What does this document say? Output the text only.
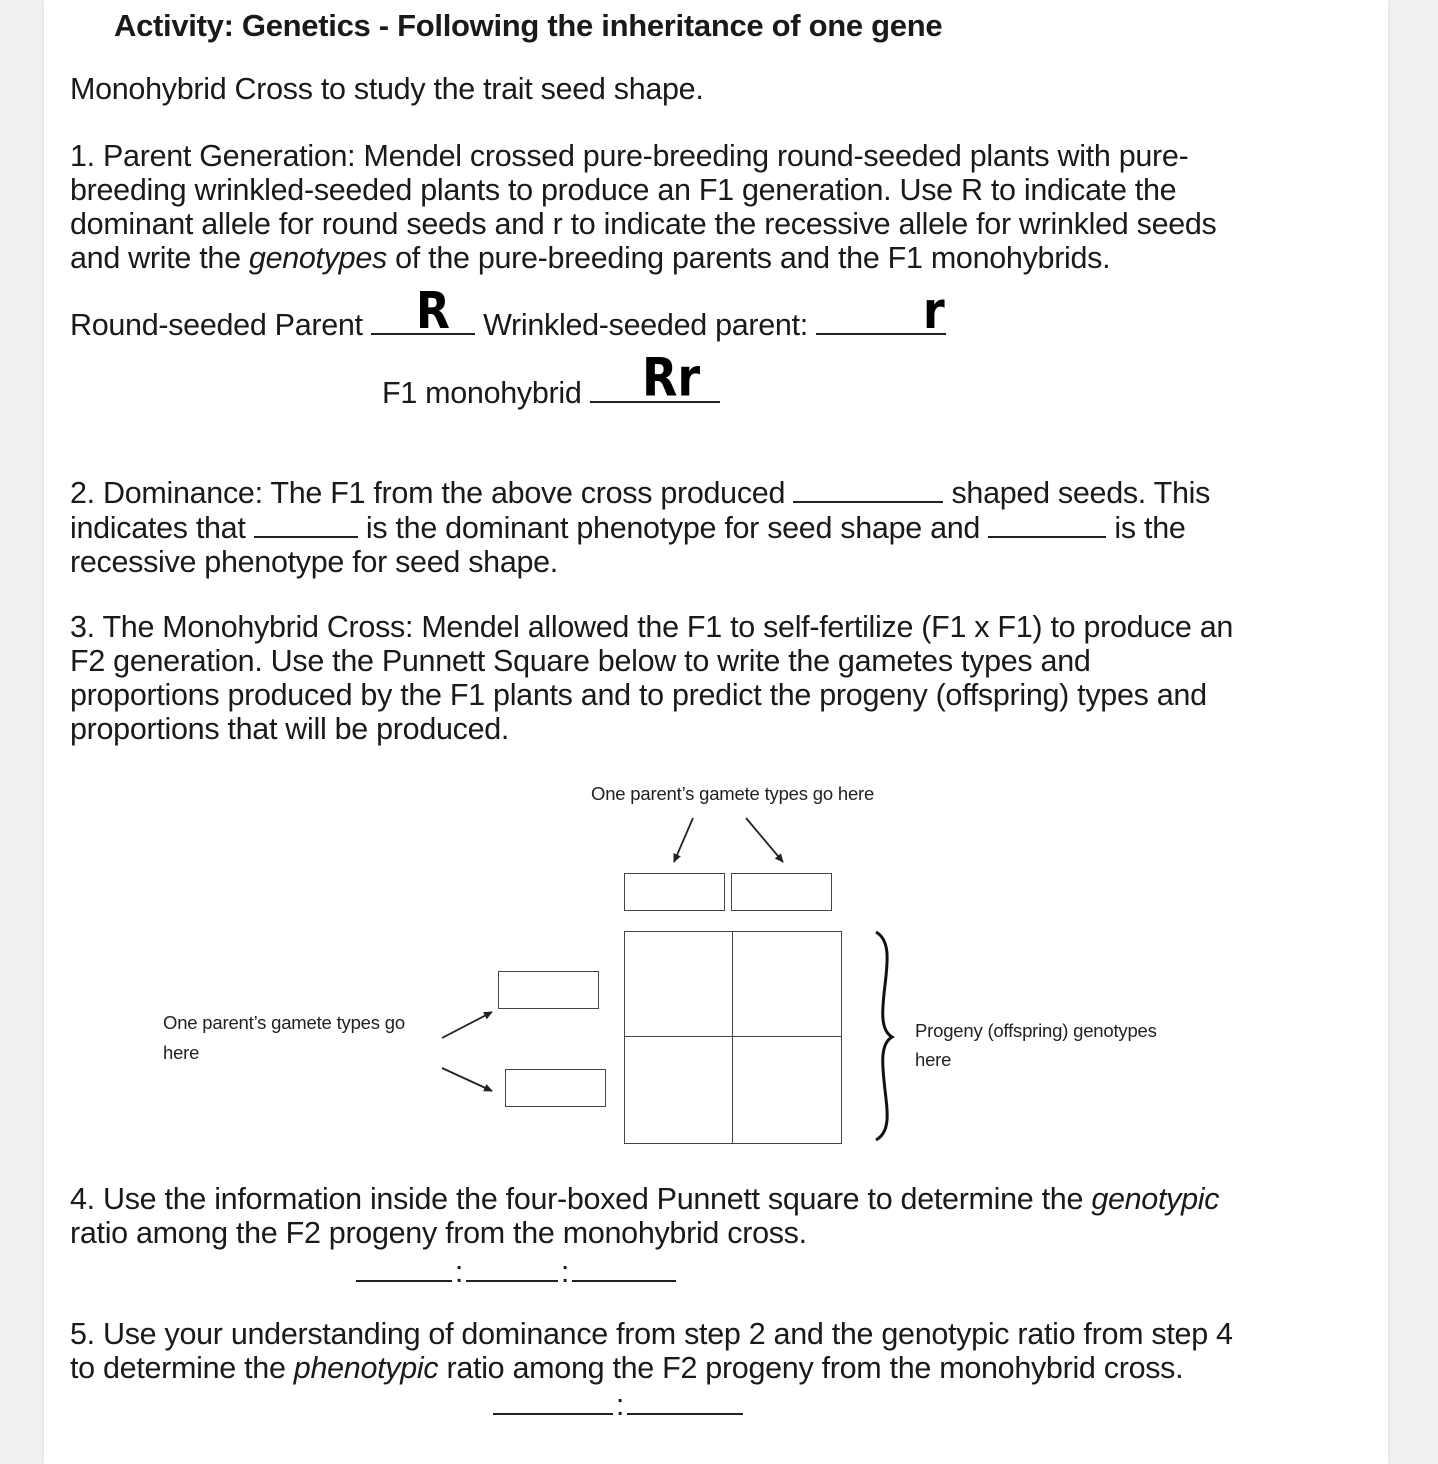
Activity: Genetics - Following the inheritance of one gene
Monohybrid Cross to study the trait seed shape.
1. Parent Generation: Mendel crossed pure-breeding round-seeded plants with pure-
breeding wrinkled-seeded plants to produce an F1 generation. Use R to indicate the
dominant allele for round seeds and r to indicate the recessive allele for wrinkled seeds
and write the genotypes of the pure-breeding parents and the F1 monohybrids.
Round-seeded Parent	Wrinkled-seeded parent:
R	r
F1 monohybrid	Rr
2. Dominance: The F1 from the above cross produced	shaped seeds. This
indicates that	is the dominant phenotype for seed shape and	is the
recessive phenotype for seed shape.
3. The Monohybrid Cross: Mendel allowed the F1 to self-fertilize (F1 x F1) to produce an
F2 generation. Use the Punnett Square below to write the gametes types and
proportions produced by the F1 plants and to predict the progeny (offspring) types and
proportions that will be produced.
One parent’s gamete types go here
One parent’s gamete types go
here
Progeny (offspring) genotypes
here
4. Use the information inside the four-boxed Punnett square to determine the genotypic
ratio among the F2 progeny from the monohybrid cross.
:	:
5. Use your understanding of dominance from step 2 and the genotypic ratio from step 4
to determine the phenotypic ratio among the F2 progeny from the monohybrid cross.
:
